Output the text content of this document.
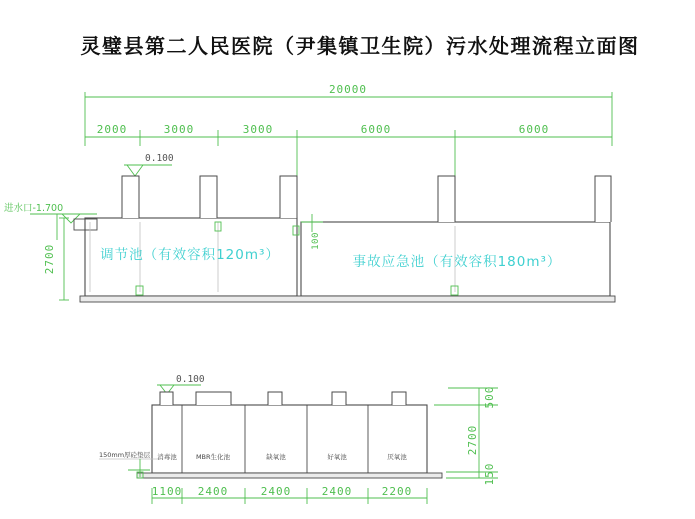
灵璧县第二人民医院（尹集镇卫生院）污水处理流程立面图
20000
2000	3000	3000	6000	6000
0.100
进水口-1.700
2700
100
调节池（有效容积120m³）	事故应急池（有效容积180m³）
0.100
消毒池	MBR生化池	缺氧池	好氧池	厌氧池
150mm厚砼垫层
1100 2400	2400	2400	2200
500
2700
150
